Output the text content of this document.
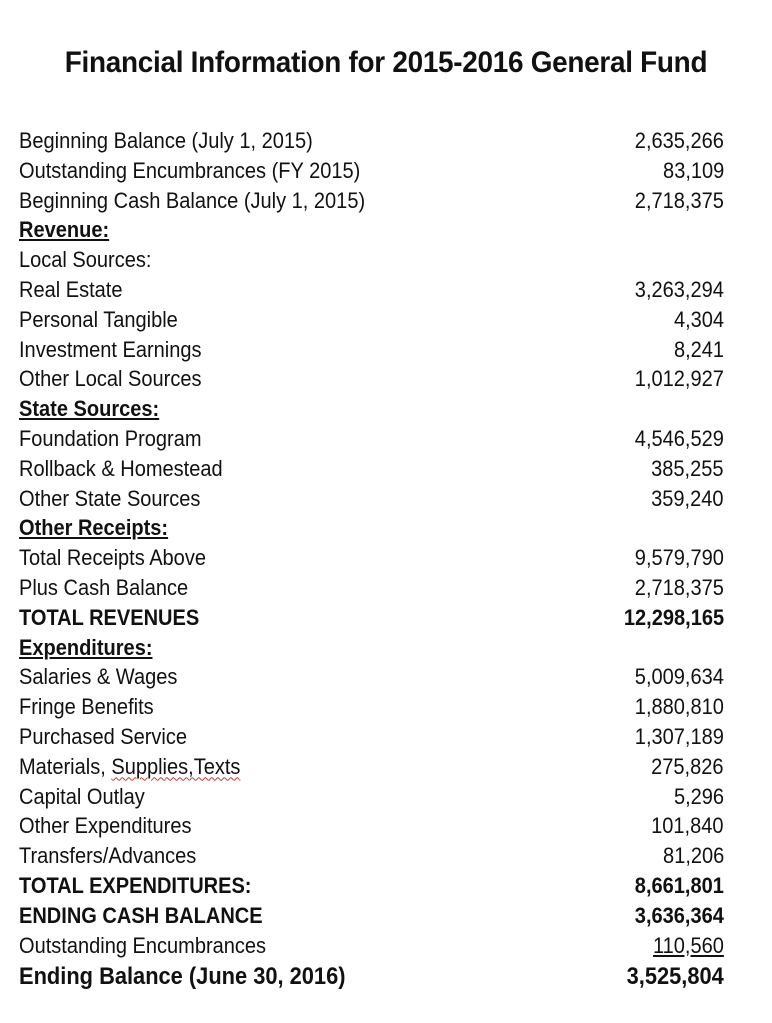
Financial Information for 2015-2016 General Fund
Beginning Balance (July 1, 2015)	2,635,266
Outstanding Encumbrances (FY 2015)	83,109
Beginning Cash Balance (July 1, 2015)	2,718,375
Revenue:
Local Sources:
Real Estate	3,263,294
Personal Tangible	4,304
Investment Earnings	8,241
Other Local Sources	1,012,927
State Sources:
Foundation Program	4,546,529
Rollback & Homestead	385,255
Other State Sources	359,240
Other Receipts:
Total Receipts Above	9,579,790
Plus Cash Balance	2,718,375
TOTAL REVENUES	12,298,165
Expenditures:
Salaries & Wages	5,009,634
Fringe Benefits	1,880,810
Purchased Service	1,307,189
Materials, Supplies,Texts	275,826
Capital Outlay	5,296
Other Expenditures	101,840
Transfers/Advances	81,206
TOTAL EXPENDITURES:	8,661,801
ENDING CASH BALANCE	3,636,364
Outstanding Encumbrances	110,560
Ending Balance (June 30, 2016)	3,525,804
